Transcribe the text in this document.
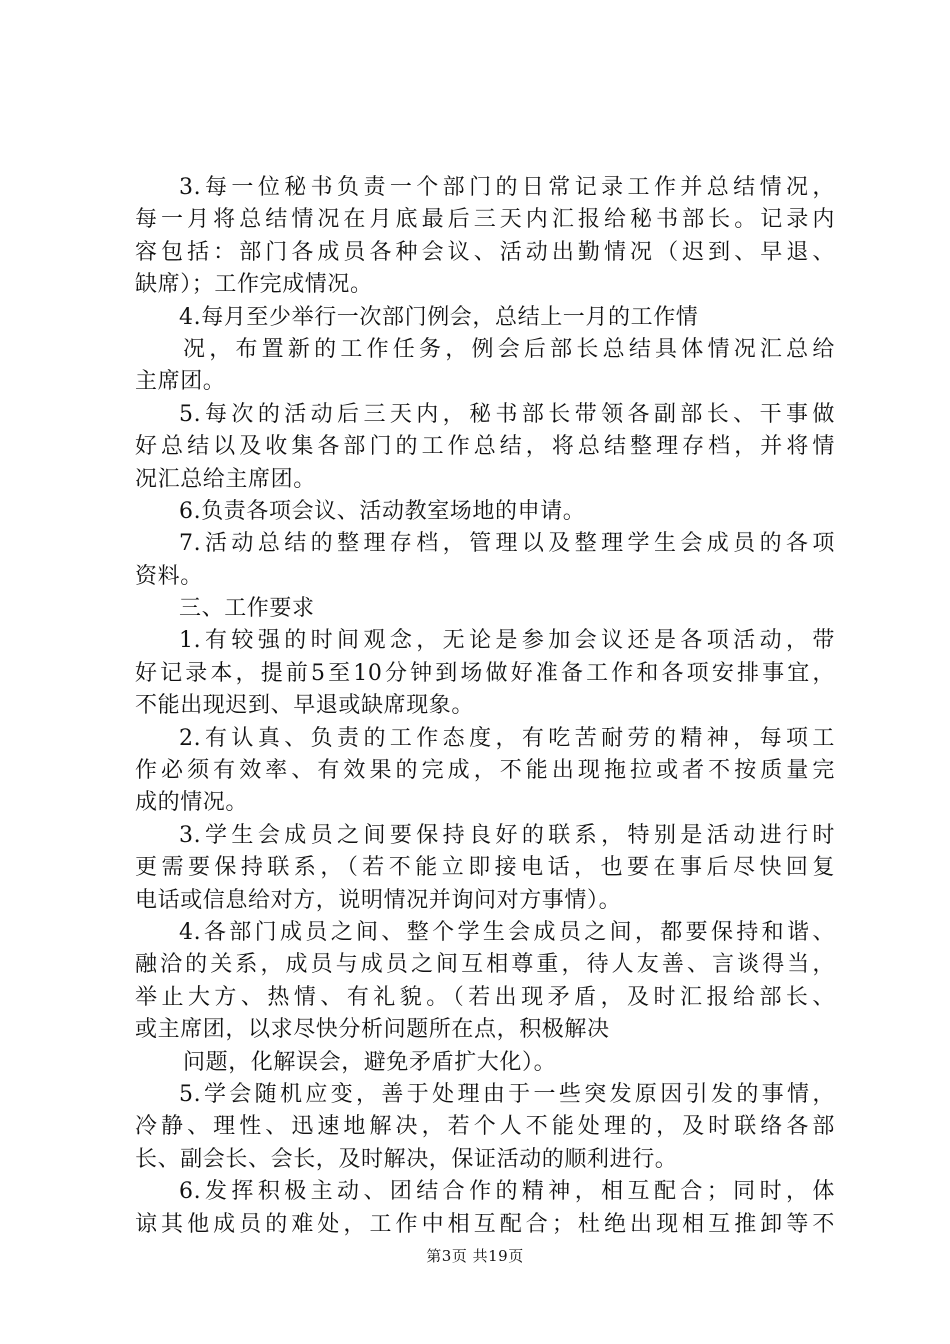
3.每一位秘书负责一个部门的日常记录工作并总结情况，
每一月将总结情况在月底最后三天内汇报给秘书部长。记录内
容包括：部门各成员各种会议、活动出勤情况（迟到、早退、
缺席）；工作完成情况。
4.每月至少举行一次部门例会，总结上一月的工作情
况，布置新的工作任务，例会后部长总结具体情况汇总给
主席团。
5.每次的活动后三天内，秘书部长带领各副部长、干事做
好总结以及收集各部门的工作总结，将总结整理存档，并将情
况汇总给主席团。
6.负责各项会议、活动教室场地的申请。
7.活动总结的整理存档，管理以及整理学生会成员的各项
资料。
三、工作要求
1.有较强的时间观念，无论是参加会议还是各项活动，带
好记录本，提前5至10分钟到场做好准备工作和各项安排事宜，
不能出现迟到、早退或缺席现象。
2.有认真、负责的工作态度，有吃苦耐劳的精神，每项工
作必须有效率、有效果的完成，不能出现拖拉或者不按质量完
成的情况。
3.学生会成员之间要保持良好的联系，特别是活动进行时
更需要保持联系，（若不能立即接电话，也要在事后尽快回复
电话或信息给对方，说明情况并询问对方事情）。
4.各部门成员之间、整个学生会成员之间，都要保持和谐、
融洽的关系，成员与成员之间互相尊重，待人友善、言谈得当，
举止大方、热情、有礼貌。（若出现矛盾，及时汇报给部长、
或主席团，以求尽快分析问题所在点，积极解决
问题，化解误会，避免矛盾扩大化）。
5.学会随机应变，善于处理由于一些突发原因引发的事情，
冷静、理性、迅速地解决，若个人不能处理的，及时联络各部
长、副会长、会长，及时解决，保证活动的顺利进行。
6.发挥积极主动、团结合作的精神，相互配合；同时，体
谅其他成员的难处，工作中相互配合；杜绝出现相互推卸等不
第3页 共19页
